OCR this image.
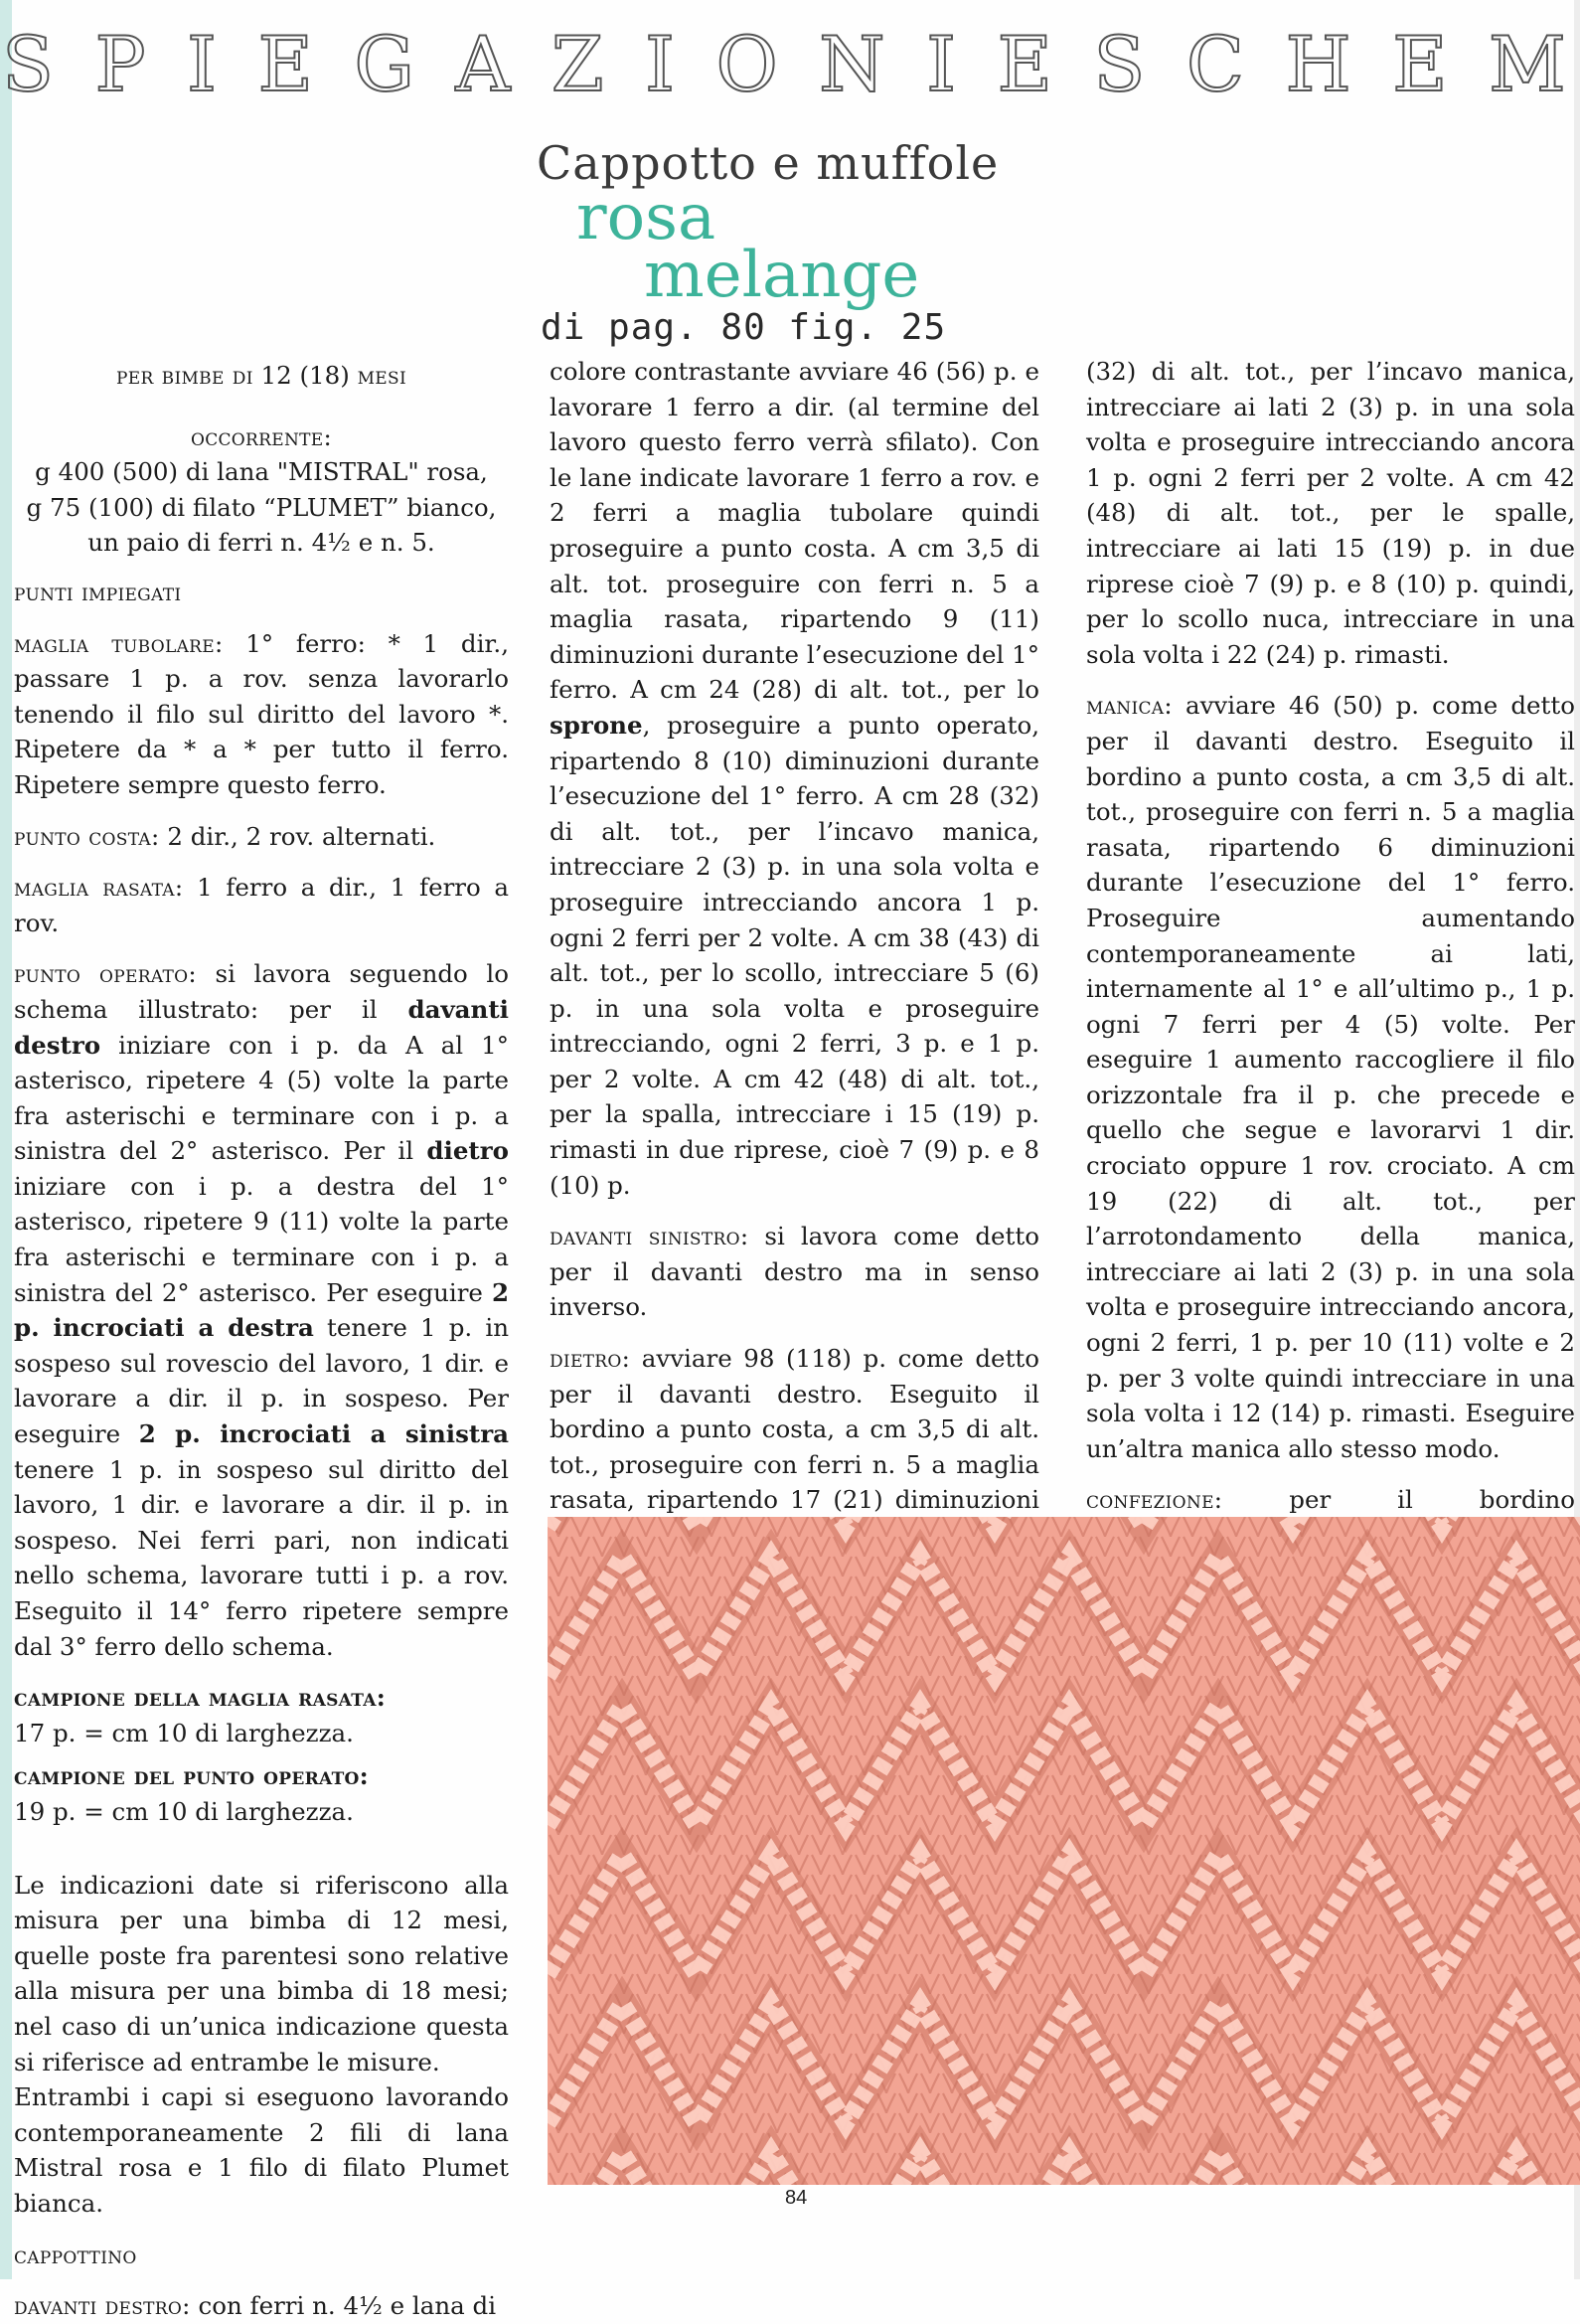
S P I E G A Z I O N I E S C H E M

Cappotto e muffole

rosa

melange

di pag. 80 fig. 25

per bimbe di 12 (18) mesi

occorrente:

g 400 (500) di lana "MISTRAL" rosa,

g 75 (100) di filato “PLUMET” bianco,

un paio di ferri n. 4½ e n. 5.

punti impiegati

maglia tubolare: 1° ferro: * 1 dir., passare 1 p. a rov. senza lavorarlo tenendo il filo sul diritto del lavoro *. Ripetere da * a * per tutto il ferro. Ripetere sempre questo ferro.

punto costa: 2 dir., 2 rov. alternati.

maglia rasata: 1 ferro a dir., 1 ferro a rov.

punto operato: si lavora seguendo lo schema illustrato: per il davanti destro iniziare con i p. da A al 1° asterisco, ripetere 4 (5) volte la parte fra asterischi e terminare con i p. a sinistra del 2° asterisco. Per il dietro iniziare con i p. a destra del 1° asterisco, ripetere 9 (11) volte la parte fra asterischi e terminare con i p. a sinistra del 2° asterisco. Per eseguire 2 p. incrociati a destra tenere 1 p. in sospeso sul rovescio del lavoro, 1 dir. e lavorare a dir. il p. in sospeso. Per eseguire 2 p. incrociati a sinistra tenere 1 p. in sospeso sul diritto del lavoro, 1 dir. e lavorare a dir. il p. in sospeso. Nei ferri pari, non indicati nello schema, lavorare tutti i p. a rov. Eseguito il 14° ferro ripetere sempre dal 3° ferro dello schema.

campione della maglia rasata:

17 p. = cm 10 di larghezza.

campione del punto operato:

19 p. = cm 10 di larghezza.

Le indicazioni date si riferiscono alla misura per una bimba di 12 mesi, quelle poste fra parentesi sono relative alla misura per una bimba di 18 mesi; nel caso di un’unica indicazione questa si riferisce ad entrambe le misure.

Entrambi i capi si eseguono lavorando contemporaneamente 2 fili di lana Mistral rosa e 1 filo di filato Plumet bianca.

cappottino

davanti destro: con ferri n. 4½ e lana di

colore contrastante avviare 46 (56) p. e lavorare 1 ferro a dir. (al termine del lavoro questo ferro verrà sfilato). Con le lane indicate lavorare 1 ferro a rov. e 2 ferri a maglia tubolare quindi proseguire a punto costa. A cm 3,5 di alt. tot. proseguire con ferri n. 5 a maglia rasata, ripartendo 9 (11) diminuzioni durante l’esecuzione del 1° ferro. A cm 24 (28) di alt. tot., per lo sprone, proseguire a punto operato, ripartendo 8 (10) diminuzioni durante l’esecuzione del 1° ferro. A cm 28 (32) di alt. tot., per l’incavo manica, intrecciare 2 (3) p. in una sola volta e proseguire intrecciando ancora 1 p. ogni 2 ferri per 2 volte. A cm 38 (43) di alt. tot., per lo scollo, intrecciare 5 (6) p. in una sola volta e proseguire intrecciando, ogni 2 ferri, 3 p. e 1 p. per 2 volte. A cm 42 (48) di alt. tot., per la spalla, intrecciare i 15 (19) p. rimasti in due riprese, cioè 7 (9) p. e 8 (10) p.

davanti sinistro: si lavora come detto per il davanti destro ma in senso inverso.

dietro: avviare 98 (118) p. come detto per il davanti destro. Eseguito il bordino a punto costa, a cm 3,5 di alt. tot., proseguire con ferri n. 5 a maglia rasata, ripartendo 17 (21) diminuzioni

(32) di alt. tot., per l’incavo manica, intrecciare ai lati 2 (3) p. in una sola volta e proseguire intrecciando ancora 1 p. ogni 2 ferri per 2 volte. A cm 42 (48) di alt. tot., per le spalle, intrecciare ai lati 15 (19) p. in due riprese cioè 7 (9) p. e 8 (10) p. quindi, per lo scollo nuca, intrecciare in una sola volta i 22 (24) p. rimasti.

manica: avviare 46 (50) p. come detto per il davanti destro. Eseguito il bordino a punto costa, a cm 3,5 di alt. tot., proseguire con ferri n. 5 a maglia rasata, ripartendo 6 diminuzioni durante l’esecuzione del 1° ferro. Proseguire aumentando contemporaneamente ai lati, internamente al 1° e all’ultimo p., 1 p. ogni 7 ferri per 4 (5) volte. Per eseguire 1 aumento raccogliere il filo orizzontale fra il p. che precede e quello che segue e lavorarvi 1 dir. crociato oppure 1 rov. crociato. A cm 19 (22) di alt. tot., per l’arrotondamento della manica, intrecciare ai lati 2 (3) p. in una sola volta e proseguire intrecciando ancora, ogni 2 ferri, 1 p. per 10 (11) volte e 2 p. per 3 volte quindi intrecciare in una sola volta i 12 (14) p. rimasti. Eseguire un’altra manica allo stesso modo.

confezione:	per il bordino

84
